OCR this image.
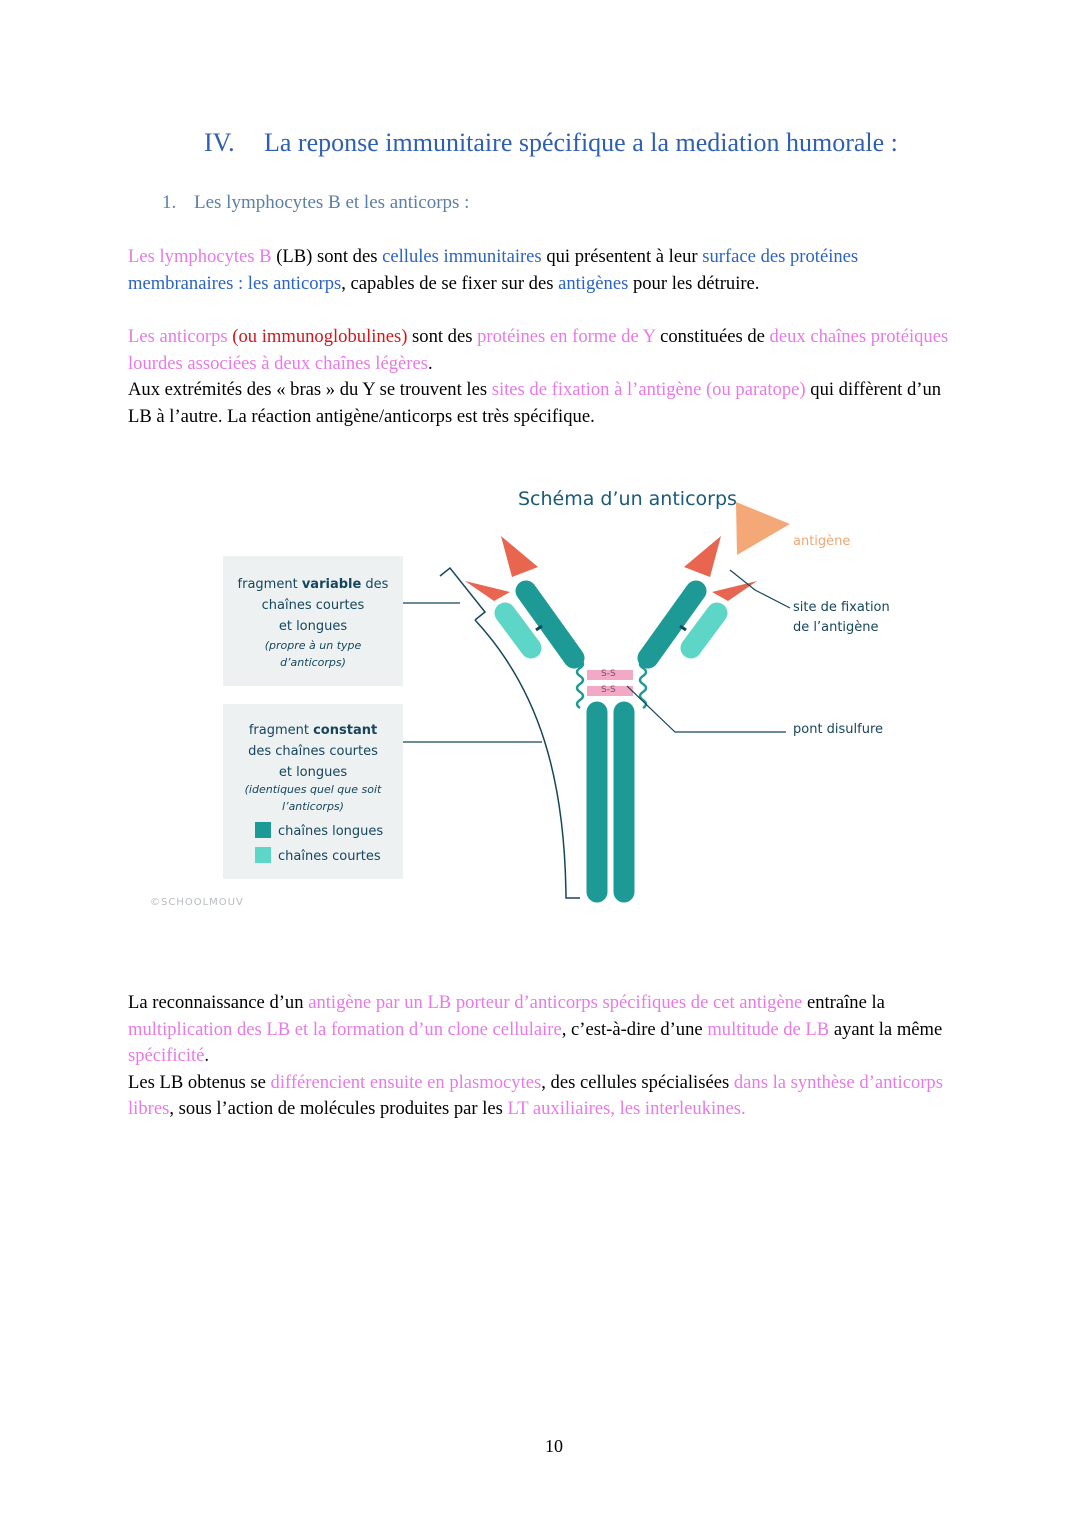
IV. La reponse immunitaire spécifique a la mediation humorale :
1. Les lymphocytes B et les anticorps :
Les lymphocytes B (LB) sont des cellules immunitaires qui présentent à leur surface des protéines membranaires : les anticorps, capables de se fixer sur des antigènes pour les détruire.
Les anticorps (ou immunoglobulines) sont des protéines en forme de Y constituées de deux chaînes protéiques lourdes associées à deux chaînes légères.
Aux extrémités des « bras » du Y se trouvent les sites de fixation à l’antigène (ou paratope) qui diffèrent d’un LB à l’autre. La réaction antigène/anticorps est très spécifique.
Schéma d’un anticorps
S-S
S-S
fragment variable des
chaînes courtes
et longues
(propre à un type
d’anticorps)
fragment constant
des chaînes courtes
et longues
(identiques quel que soit
l’anticorps)
chaînes longues
chaînes courtes
antigène
site de fixation
de l’antigène
pont disulfure
©SCHOOLMOUV
La reconnaissance d’un antigène par un LB porteur d’anticorps spécifiques de cet antigène entraîne la multiplication des LB et la formation d’un clone cellulaire, c’est-à-dire d’une multitude de LB ayant la même spécificité.
Les LB obtenus se différencient ensuite en plasmocytes, des cellules spécialisées dans la synthèse d’anticorps libres, sous l’action de molécules produites par les LT auxiliaires, les interleukines.
10
